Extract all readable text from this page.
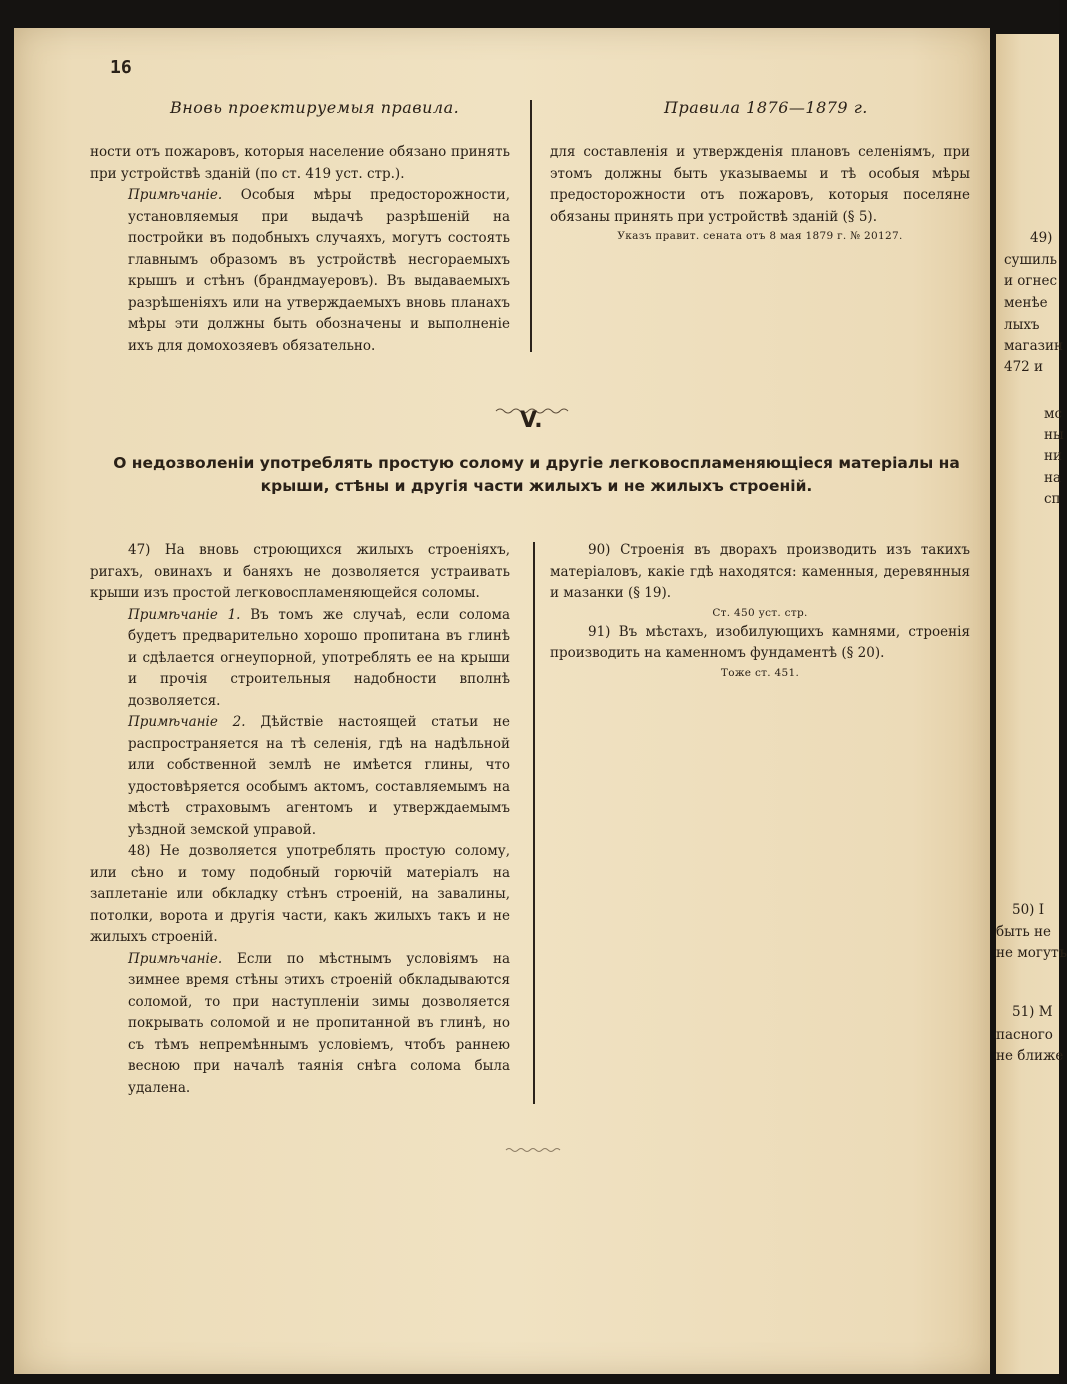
16
Вновь проектируемыя правила.	Правила 1876—1879 г.

ности отъ пожаровъ, которыя население обязано принять при устройствѣ зданій (по ст. 419 уст. стр.).

Примѣчаніе. Особыя мѣры предосторожности, установляемыя при выдачѣ разрѣшеній на постройки въ подобныхъ случаяхъ, могутъ состоять главнымъ образомъ въ устройствѣ несгораемыхъ крышъ и стѣнъ (брандмауеровъ). Въ выдаваемыхъ разрѣшеніяхъ или на утверждаемыхъ вновь планахъ мѣры эти должны быть обозначены и выполненіе ихъ для домохозяевъ обязательно.

для составленія и утвержденія плановъ селеніямъ, при этомъ должны быть указываемы и тѣ особыя мѣры предосторожности отъ пожаровъ, которыя поселяне обязаны принять при устройствѣ зданій (§ 5).

Указъ правит. сената отъ 8 мая 1879 г. № 20127.

V.
О недозволеніи употреблять простую солому и другіе легковоспламеняющіеся матеріалы на крыши, стѣны и другія части жилыхъ и не жилыхъ строеній.

47) На вновь строющихся жилыхъ строеніяхъ, ригахъ, овинахъ и баняхъ не дозволяется устраивать крыши изъ простой легковоспламеняющейся соломы.

Примѣчаніе 1. Въ томъ же случаѣ, если солома будетъ предварительно хорошо пропитана въ глинѣ и сдѣлается огнеупорной, употреблять ее на крыши и прочія строительныя надобности вполнѣ дозволяется.

Примѣчаніе 2. Дѣйствіе настоящей статьи не распространяется на тѣ селенія, гдѣ на надѣльной или собственной землѣ не имѣется глины, что удостовѣряется особымъ актомъ, составляемымъ на мѣстѣ страховымъ агентомъ и утверждаемымъ уѣздной земской управой.

48) Не дозволяется употреблять простую солому, или сѣно и тому подобный горючій матеріалъ на заплетаніе или обкладку стѣнъ строеній, на завалины, потолки, ворота и другія части, какъ жилыхъ такъ и не жилыхъ строеній.

Примѣчаніе. Если по мѣстнымъ условіямъ на зимнее время стѣны этихъ строеній обкладываются соломой, то при наступленіи зимы дозволяется покрывать соломой и не пропитанной въ глинѣ, но съ тѣмъ непремѣннымъ условіемъ, чтобъ раннею весною при началѣ таянія снѣга солома была удалена.

90) Строенія въ дворахъ производить изъ такихъ матеріаловъ, какіе гдѣ находятся: каменныя, деревянныя и мазанки (§ 19).

Ст. 450 уст. стр.

91) Въ мѣстахъ, изобилующихъ камнями, строенія производить на каменномъ фундаментѣ (§ 20).

Тоже ст. 451.

49)
сушиль
и огнес
менѣе
лыхъ
магазин
472 и
мс
ны
ни
на
сп
50) I
быть не
не могутъ
51) М
пасного
не ближе
